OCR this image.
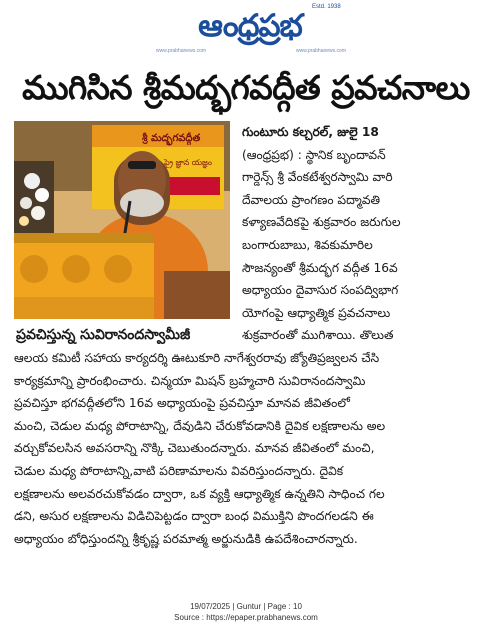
Estd. 1938
ఆంధ్రప్రభ
www.prabhanews.com	www.prabhanews.com
ముగిసిన శ్రీమద్భగవద్గీత ప్రవచనాలు
శ్రీ మద్భగవద్గీత
ప్రై జ్ఞాన యజ్ఞం
ప్రవచిస్తున్న సువిరానందస్వామీజీ
గుంటూరు కల్చరల్, జులై 18
(ఆంధ్రప్రభ) : స్థానిక బృందావన్
గార్డెన్స్ శ్రీ వేంకటేశ్వరస్వామి వారి
దేవాలయ ప్రాంగణం పద్మావతి
కళ్యాణవేదికపై శుక్రవారం జరుగుల
బంగారుబాబు, శివకుమారిల
సౌజన్యంతో శ్రీమద్భగ వద్గీత 16వ
అధ్యాయం దైవాసుర సంపద్విభాగ
యోగంపై ఆధ్యాత్మిక ప్రవచనాలు
శుక్రవారంతో ముగిశాయి. తొలుత
ఆలయ కమిటీ సహాయ కార్యదర్శి ఊటుకూరి నాగేశ్వరరావు జ్యోతిప్రజ్వలన చేసి
కార్యక్రమాన్ని ప్రారంభించారు. చిన్మయా మిషన్ బ్రహ్మచారి సువిరానందస్వామి
ప్రవచిస్తూ భగవద్గీతలోని 16వ అధ్యాయంపై ప్రవచిస్తూ మానవ జీవితంలో
మంచి, చెడుల మధ్య పోరాటాన్ని, దేవుడిని చేరుకోవడానికి దైవిక లక్షణాలను అల
వర్చుకోవలసిన అవసరాన్ని నొక్కి చెబుతుందన్నారు. మానవ జీవితంలో మంచి,
చెడుల మధ్య పోరాటాన్ని,వాటి పరిణామాలను వివరిస్తుందన్నారు. దైవిక
లక్షణాలను అలవరచుకోవడం ద్వారా, ఒక వ్యక్తి ఆధ్యాత్మిక ఉన్నతిని సాధించ గల
డని, అసుర లక్షణాలను విడిచిపెట్టడం ద్వారా బంధ విముక్తిని పొందగలడని ఈ
అధ్యాయం బోధిస్తుందన్ని శ్రీకృష్ణ పరమాత్మ అర్జునుడికి ఉపదేశించారన్నారు.
19/07/2025 | Guntur | Page : 10
Source : https://epaper.prabhanews.com
